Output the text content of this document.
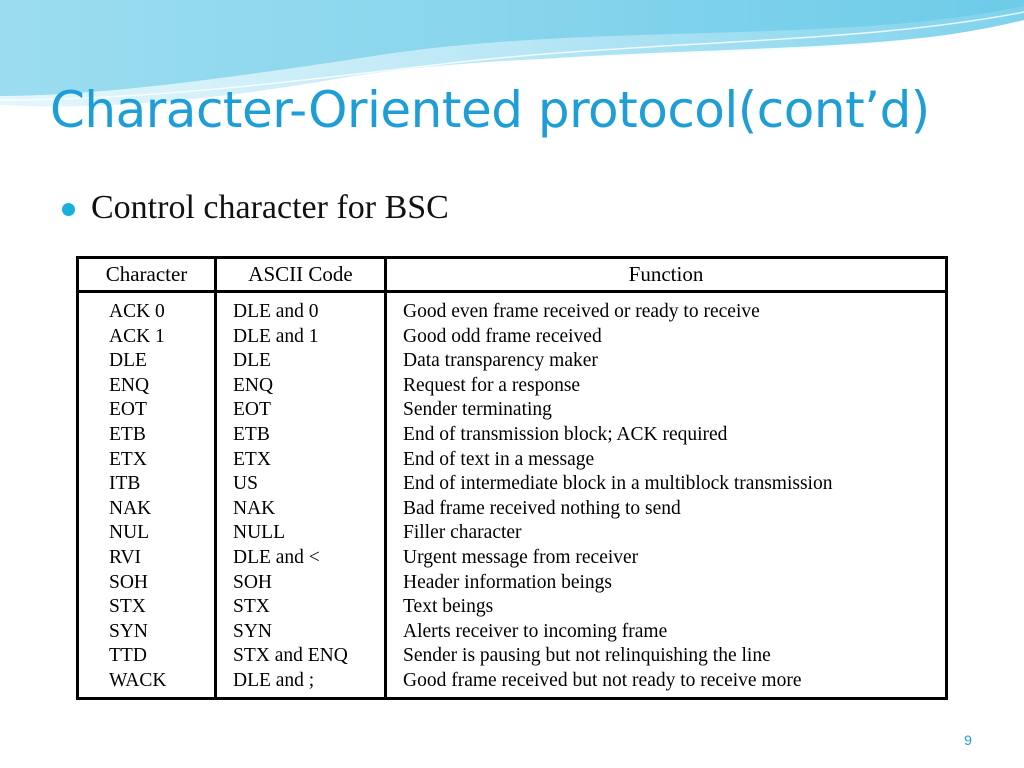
Character-Oriented protocol(cont’d)
Control character for BSC
Character	ASCII Code	Function
ACK 0
ACK 1
DLE
ENQ
EOT
ETB
ETX
ITB
NAK
NUL
RVI
SOH
STX
SYN
TTD
WACK
DLE and 0
DLE and 1
DLE
ENQ
EOT
ETB
ETX
US
NAK
NULL
DLE and <
SOH
STX
SYN
STX and ENQ
DLE and ;
Good even frame received or ready to receive
Good odd frame received
Data transparency maker
Request for a response
Sender terminating
End of transmission block; ACK required
End of text in a message
End of intermediate block in a multiblock transmission
Bad frame received nothing to send
Filler character
Urgent message from receiver
Header information beings
Text beings
Alerts receiver to incoming frame
Sender is pausing but not relinquishing the line
Good frame received but not ready to receive more
9
